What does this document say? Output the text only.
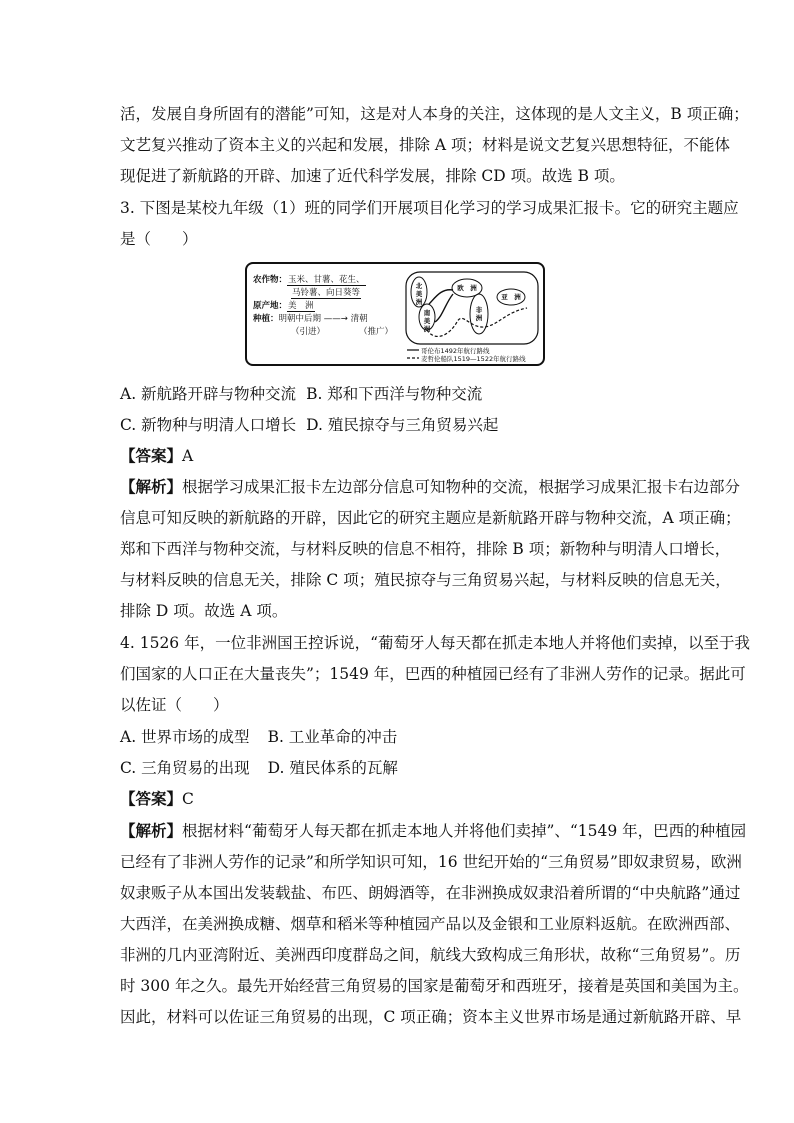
活，发展自身所固有的潜能”可知，这是对人本身的关注，这体现的是人文主义，B 项正确；
文艺复兴推动了资本主义的兴起和发展，排除 A 项；材料是说文艺复兴思想特征，不能体
现促进了新航路的开辟、加速了近代科学发展，排除 CD 项。故选 B 项。
3. 下图是某校九年级（1）班的同学们开展项目化学习的学习成果汇报卡。它的研究主题应
是（　　）
农作物：玉米、甘薯、花生、
马铃薯、向日葵等
原产地：美　洲
种植：明朝中后期 ——→ 清朝
（引进）	（推广）
北美洲
南美洲
欧　洲
非洲
亚　洲
哥伦布1492年航行路线
麦哲伦船队1519—1522年航行路线
A. 新航路开辟与物种交流 B. 郑和下西洋与物种交流
C. 新物种与明清人口增长 D. 殖民掠夺与三角贸易兴起
【答案】A
【解析】根据学习成果汇报卡左边部分信息可知物种的交流，根据学习成果汇报卡右边部分
信息可知反映的新航路的开辟，因此它的研究主题应是新航路开辟与物种交流，A 项正确；
郑和下西洋与物种交流，与材料反映的信息不相符，排除 B 项；新物种与明清人口增长，
与材料反映的信息无关，排除 C 项；殖民掠夺与三角贸易兴起，与材料反映的信息无关，
排除 D 项。故选 A 项。
4. 1526 年，一位非洲国王控诉说，“葡萄牙人每天都在抓走本地人并将他们卖掉，以至于我
们国家的人口正在大量丧失”；1549 年，巴西的种植园已经有了非洲人劳作的记录。据此可
以佐证（　　）
A. 世界市场的成型 B. 工业革命的冲击
C. 三角贸易的出现 D. 殖民体系的瓦解
【答案】C
【解析】根据材料“葡萄牙人每天都在抓走本地人并将他们卖掉”、“1549 年，巴西的种植园
已经有了非洲人劳作的记录”和所学知识可知，16 世纪开始的“三角贸易”即奴隶贸易，欧洲
奴隶贩子从本国出发装载盐、布匹、朗姆酒等，在非洲换成奴隶沿着所谓的“中央航路”通过
大西洋，在美洲换成糖、烟草和稻米等种植园产品以及金银和工业原料返航。在欧洲西部、
非洲的几内亚湾附近、美洲西印度群岛之间，航线大致构成三角形状，故称“三角贸易”。历
时 300 年之久。最先开始经营三角贸易的国家是葡萄牙和西班牙，接着是英国和美国为主。
因此，材料可以佐证三角贸易的出现，C 项正确；资本主义世界市场是通过新航路开辟、早
